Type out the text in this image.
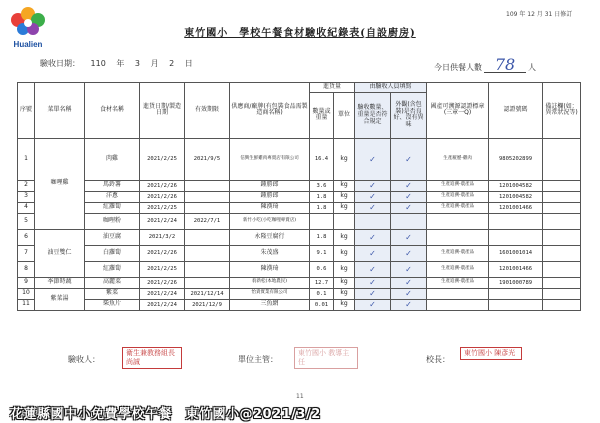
Hualien
109 年 12 月 31 日修訂
東竹國小　學校午餐食材驗收紀錄表(自設廚房)
驗收日期： 110 年 3 月 2 日	今日供餐人數 78 人
序號	菜單名稱	食材名稱	進貨日期/製造日期	有效期限	供應商/廠牌(有包裝食品需製造商名稱)	進貨量		由驗收人員填寫		國產可溯源認證標章(三章一Q)	認證號碼	備註欄(如：異常狀況等)
						數量或重量	單位	驗收數量、重量是否符合規定	外觀(含包裝)是否良好、沒有異味			
1	咖哩雞	肉雞	2021/2/25	2021/9/5	信興生鮮雞肉專賣店有限公司	16.4	kg	✓	✓	生產履歷-雞肉	9805202899	
2		馬鈴薯	2021/2/26		鍾勝郎	3.6	kg	✓	✓	生產追溯-農產品	1201004582	
3		洋蔥	2021/2/26		鍾勝郎	1.8	kg	✓	✓	生產追溯-農產品	1201004582	
4		紅蘿蔔	2021/2/25		陳漢琦	1.8	kg	✓	✓	生產追溯-農產品	1201001466	
5		咖哩粉	2021/2/24	2022/7/1	新竹小吃(小吃咖哩專賣店)							
6	油豆雙仁	油豆腐	2021/3/2		永隆豆腐行	1.8	kg	✓	✓			
7		白蘿蔔	2021/2/26		朱茂盛	9.1	kg	✓	✓	生產追溯-農產品	1601001014	
8		紅蘿蔔	2021/2/25		陳漢琦	0.6	kg	✓	✓	生產追溯-農產品	1201001466	
9	季節時蔬	高麗菜	2021/2/26		翁新松(本地農民)	12.7	kg	✓	✓	生產追溯-農產品	1901000789	
10	紫菜湯	紫菜	2021/2/24	2021/12/14	怡貴實業有限公司	0.1	kg	✓	✓			
11		柴魚片	2021/2/24	2021/12/9	三魚網	0.01	kg	✓	✓			
驗收人：
衛生兼教務組長 尚誠	單位主管：
東竹國小 教導主任	校長：
東竹國小 陳彥光
11
花蓮縣國中小免費學校午餐　東竹國小@2021/3/2
